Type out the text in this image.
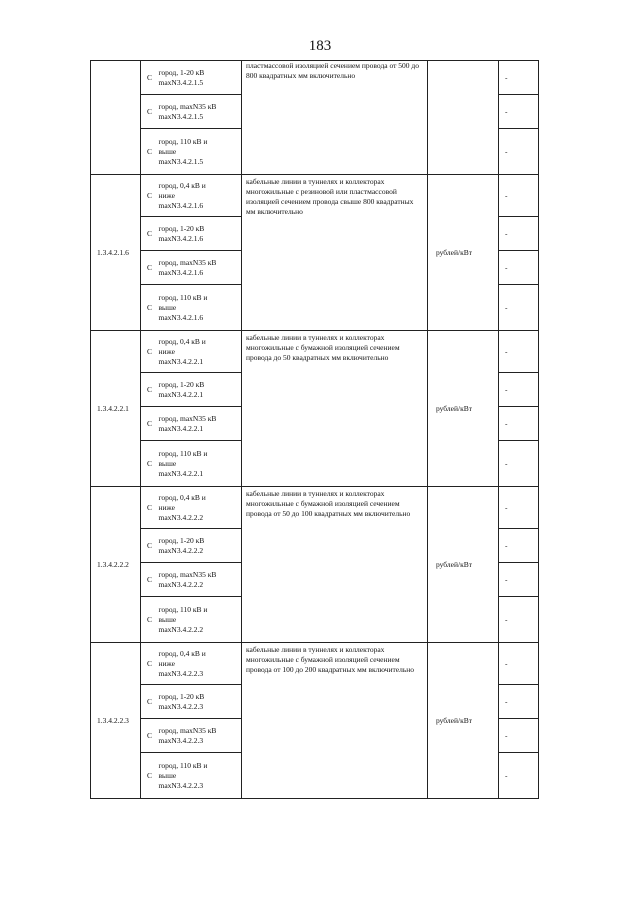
183
	С	город, 1-20 кВ
maxN3.4.2.1.5	пластмассовой изоляцией сечением провода от 500 до 800 квадратных мм включительно		-
	С	город, maxN35 кВ
maxN3.4.2.1.5			-
	С	город, 110 кВ и
выше
maxN3.4.2.1.5			-
1.3.4.2.1.6	С	город, 0,4 кВ и
ниже
maxN3.4.2.1.6	кабельные линии в туннелях и коллекторах многожильные с резиновой или пластмассовой изоляцией сечением провода свыше 800 квадратных мм включительно	рублей/кВт	-
	С	город, 1-20 кВ
maxN3.4.2.1.6			-
	С	город, maxN35 кВ
maxN3.4.2.1.6			-
	С	город, 110 кВ и
выше
maxN3.4.2.1.6			-
1.3.4.2.2.1	С	город, 0,4 кВ и
ниже
maxN3.4.2.2.1	кабельные линии в туннелях и коллекторах многожильные с бумажной изоляцией сечением провода до 50 квадратных мм включительно	рублей/кВт	-
	С	город, 1-20 кВ
maxN3.4.2.2.1			-
	С	город, maxN35 кВ
maxN3.4.2.2.1			-
	С	город, 110 кВ и
выше
maxN3.4.2.2.1			-
1.3.4.2.2.2	С	город, 0,4 кВ и
ниже
maxN3.4.2.2.2	кабельные линии в туннелях и коллекторах многожильные с бумажной изоляцией сечением провода от 50 до 100 квадратных мм включительно	рублей/кВт	-
	С	город, 1-20 кВ
maxN3.4.2.2.2			-
	С	город, maxN35 кВ
maxN3.4.2.2.2			-
	С	город, 110 кВ и
выше
maxN3.4.2.2.2			-
1.3.4.2.2.3	С	город, 0,4 кВ и
ниже
maxN3.4.2.2.3	кабельные линии в туннелях и коллекторах многожильные с бумажной изоляцией сечением провода от 100 до 200 квадратных мм включительно	рублей/кВт	-
	С	город, 1-20 кВ
maxN3.4.2.2.3			-
	С	город, maxN35 кВ
maxN3.4.2.2.3			-
	С	город, 110 кВ и
выше
maxN3.4.2.2.3			-
